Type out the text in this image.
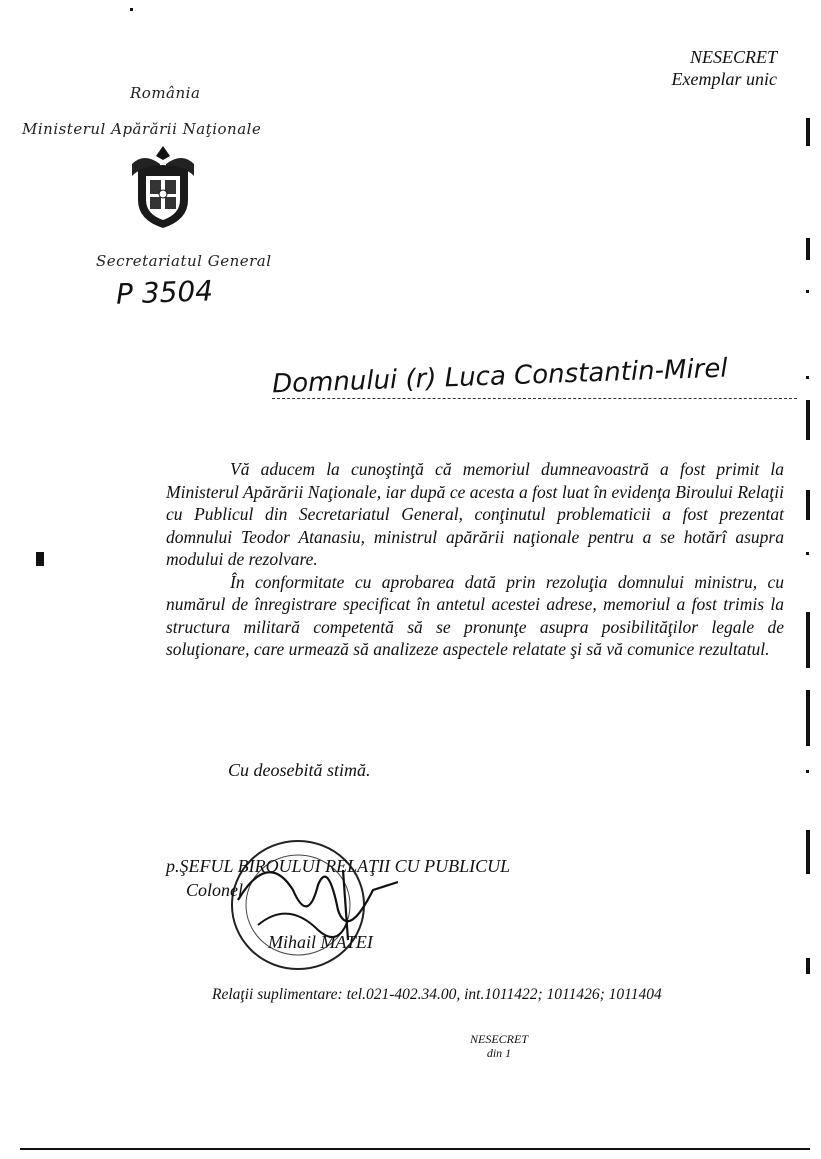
NESECRET
Exemplar unic
România
Ministerul Apărării Naţionale
Secretariatul General
P 3504
Domnului (r) Luca Constantin-Mirel

Vă aducem la cunoştinţă că memoriul dumneavoastră a fost primit la Ministerul Apărării Naţionale, iar după ce acesta a fost luat în evidenţa Biroului Relaţii cu Publicul din Secretariatul General, conţinutul problematicii a fost prezentat domnului Teodor Atanasiu, ministrul apărării naţionale pentru a se hotărî asupra modului de rezolvare.

În conformitate cu aprobarea dată prin rezoluţia domnului ministru, cu numărul de înregistrare specificat în antetul acestei adrese, memoriul a fost trimis la structura militară competentă să se pronunţe asupra posibilităţilor legale de soluţionare, care urmează să analizeze aspectele relatate şi să vă comunice rezultatul.

Cu deosebită stimă.
p.ŞEFUL BIROULUI RELAŢII CU PUBLICUL
Colonel
Mihail MATEI
Relaţii suplimentare: tel.021-402.34.00, int.1011422; 1011426; 1011404
NESECRET
din 1
